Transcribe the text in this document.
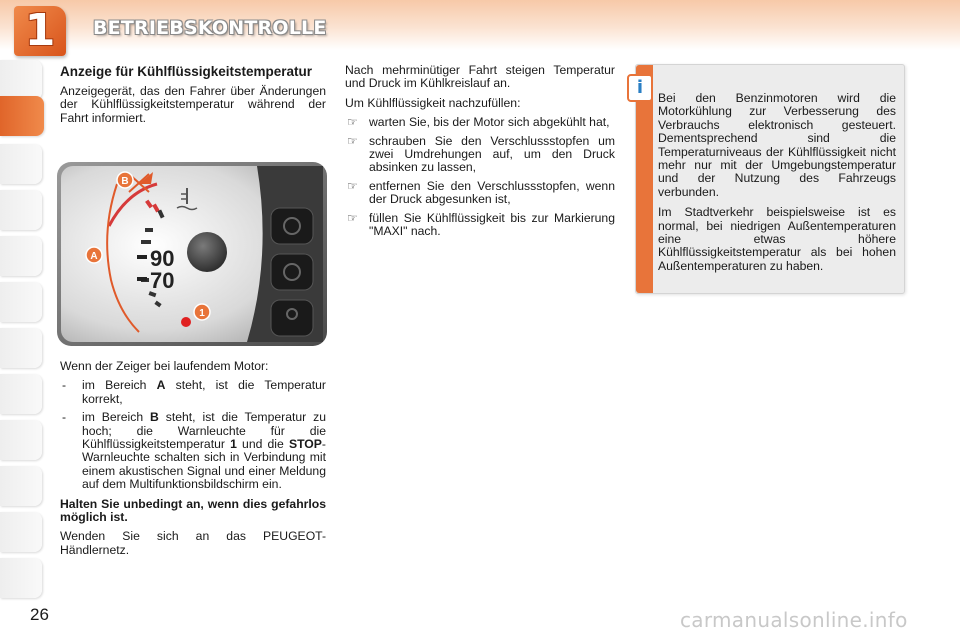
1 BETRIEBSKONTROLLE
Anzeige für Kühlflüssigkeitstemperatur

Anzeigegerät, das den Fahrer über Änderungen der Kühlflüssigkeitstemperatur während der Fahrt informiert.

90
70
A
B
1

Wenn der Zeiger bei laufendem Motor:

- im Bereich A steht, ist die Temperatur korrekt,
- im Bereich B steht, ist die Temperatur zu hoch; die Warnleuchte für die Kühlflüssigkeitstemperatur 1 und die STOP-Warnleuchte schalten sich in Verbindung mit einem akustischen Signal und einer Meldung auf dem Multifunktionsbildschirm ein.

Halten Sie unbedingt an, wenn dies gefahrlos möglich ist.

Wenden Sie sich an das PEUGEOT-Händlernetz.

Nach mehrminütiger Fahrt steigen Temperatur und Druck im Kühlkreislauf an.

Um Kühlflüssigkeit nachzufüllen:

☞ warten Sie, bis der Motor sich abgekühlt hat,
☞ schrauben Sie den Verschlussstopfen um zwei Umdrehungen auf, um den Druck absinken zu lassen,
☞ entfernen Sie den Verschlussstopfen, wenn der Druck abgesunken ist,
☞ füllen Sie Kühlflüssigkeit bis zur Markierung "MAXI" nach.
i Bei den Benzinmotoren wird die Motorkühlung zur Verbesserung des Verbrauchs elektronisch gesteuert. Dementsprechend sind die Temperaturniveaus der Kühlflüssigkeit nicht mehr nur mit der Umgebungstemperatur und der Nutzung des Fahrzeugs verbunden.

Im Stadtverkehr beispielsweise ist es normal, bei niedrigen Außentemperaturen eine etwas höhere Kühlflüssigkeitstemperatur als bei hohen Außentemperaturen zu haben.

26	carmanualsonline.info
